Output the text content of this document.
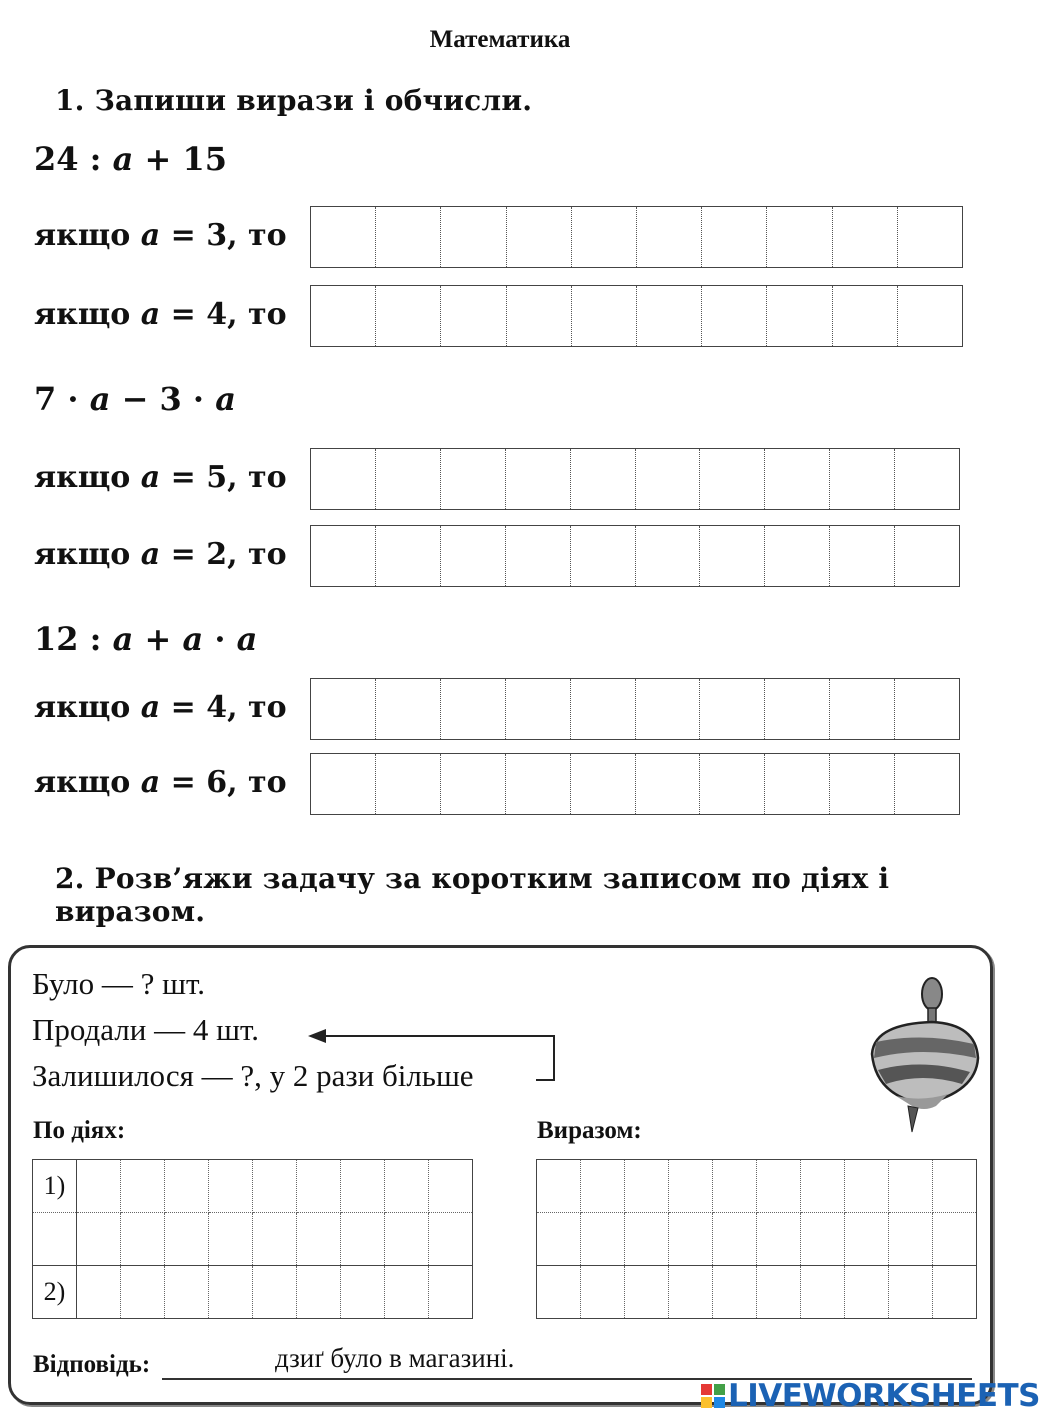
Математика
1. Запиши вирази і обчисли.
24 : a + 15
якщо a = 3, то
якщо a = 4, то
7 · a − 3 · a
якщо a = 5, то
якщо a = 2, то
12 : a + a · a
якщо a = 4, то
якщо a = 6, то
2. Розв’яжи задачу за коротким записом по діях і виразом.
Було — ? шт.
Продали — 4 шт.
Залишилося — ?, у 2 рази більше
По діях:	Виразом:
1)									

2)									

Відповідь:	дзиґ було в магазині.
LIVEWORKSHEETS
